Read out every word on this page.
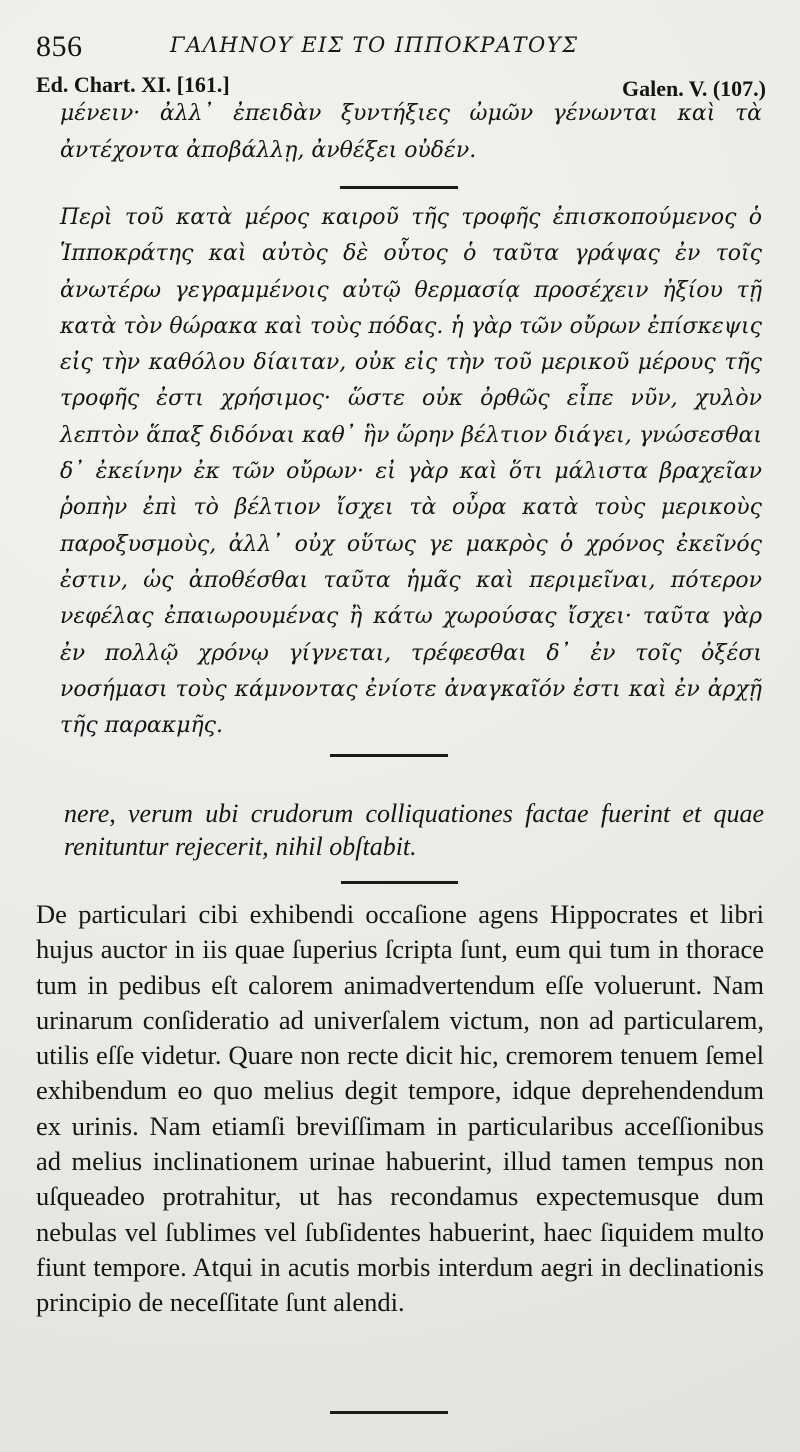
856	ΓΑΛΗΝΟΥ ΕΙΣ ΤΟ ΙΠΠΟΚΡΑΤΟΥΣ
Ed. Chart. XI. [161.]	Galen. V. (107.)

μένειν· ἀλλ᾽ ἐπειδὰν ξυντήξιες ὠμῶν γένωνται καὶ τὰ ἀντέχοντα ἀποβάλλῃ, ἀνθέξει οὐδέν.

Περὶ τοῦ κατὰ μέρος καιροῦ τῆς τροφῆς ἐπισκοπούμενος ὁ Ἱπποκράτης καὶ αὐτὸς δὲ οὗτος ὁ ταῦτα γράψας ἐν τοῖς ἀνωτέρω γεγραμμένοις αὐτῷ θερμασίᾳ προσέχειν ἠξίου τῇ κατὰ τὸν θώρακα καὶ τοὺς πόδας. ἡ γὰρ τῶν οὔρων ἐπίσκεψις εἰς τὴν καθόλου δίαιταν, οὐκ εἰς τὴν τοῦ μερικοῦ μέρους τῆς τροφῆς ἐστι χρήσιμος· ὥστε οὐκ ὀρθῶς εἶπε νῦν, χυλὸν λεπτὸν ἅπαξ διδόναι καθ᾽ ἣν ὥρην βέλτιον διάγει, γνώσεσθαι δ᾽ ἐκείνην ἐκ τῶν οὔρων· εἰ γὰρ καὶ ὅτι μάλιστα βραχεῖαν ῥοπὴν ἐπὶ τὸ βέλτιον ἴσχει τὰ οὖρα κατὰ τοὺς μερικοὺς παροξυσμοὺς, ἀλλ᾽ οὐχ οὕτως γε μακρὸς ὁ χρόνος ἐκεῖνός ἐστιν, ὡς ἀποθέσθαι ταῦτα ἡμᾶς καὶ περιμεῖναι, πότερον νεφέλας ἐπαιωρουμένας ἢ κάτω χωρούσας ἴσχει· ταῦτα γὰρ ἐν πολλῷ χρόνῳ γίγνεται, τρέφεσθαι δ᾽ ἐν τοῖς ὀξέσι νοσήμασι τοὺς κάμνοντας ἐνίοτε ἀναγκαῖόν ἐστι καὶ ἐν ἀρχῇ τῆς παρακμῆς.

nere, verum ubi crudorum colliquationes factae fuerint et quae renituntur rejecerit, nihil obſtabit.

De particulari cibi exhibendi occaſione agens Hippocrates et libri hujus auctor in iis quae ſuperius ſcripta ſunt, eum qui tum in thorace tum in pedibus eſt calorem animadvertendum eſſe voluerunt. Nam urinarum conſideratio ad univerſalem victum, non ad particularem, utilis eſſe videtur. Quare non recte dicit hic, cremorem tenuem ſemel exhibendum eo quo melius degit tempore, idque deprehendendum ex urinis. Nam etiamſi breviſſimam in particularibus acceſſionibus ad melius inclinationem urinae habuerint, illud tamen tempus non uſqueadeo protrahitur, ut has recondamus expectemusque dum nebulas vel ſublimes vel ſubſidentes habuerint, haec ſiquidem multo fiunt tempore. Atqui in acutis morbis interdum aegri in declinationis principio de neceſſitate ſunt alendi.
